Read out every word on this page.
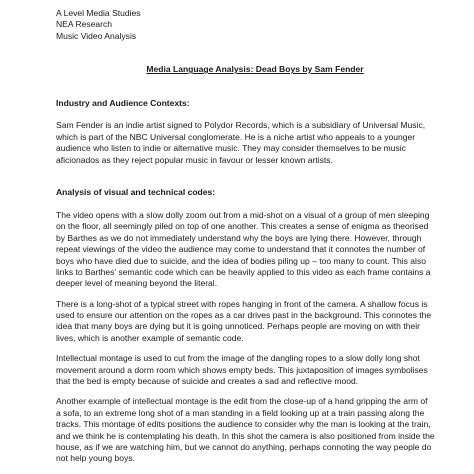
A Level Media Studies
NEA Research
Music Video Analysis
Media Language Analysis: Dead Boys by Sam Fender
Industry and Audience Contexts:

Sam Fender is an indie artist signed to Polydor Records, which is a subsidiary of Universal Music,
which is part of the NBC Universal conglomerate. He is a niche artist who appeals to a younger
audience who listen to indie or alternative music. They may consider themselves to be music
aficionados as they reject popular music in favour or lesser known artists.

Analysis of visual and technical codes:

The video opens with a slow dolly zoom out from a mid-shot on a visual of a group of men sleeping
on the floor, all seemingly piled on top of one another. This creates a sense of enigma as theorised
by Barthes as we do not immediately understand why the boys are lying there. However, through
repeat viewings of the video the audience may come to understand that it connotes the number of
boys who have died due to suicide, and the idea of bodies piling up – too many to count. This also
links to Barthes’ semantic code which can be heavily applied to this video as each frame contains a
deeper level of meaning beyond the literal.

There is a long-shot of a typical street with ropes hanging in front of the camera. A shallow focus is
used to ensure our attention on the ropes as a car drives past in the background. This connotes the
idea that many boys are dying but it is going unnoticed. Perhaps people are moving on with their
lives, which is another example of semantic code.

Intellectual montage is used to cut from the image of the dangling ropes to a slow dolly long shot
movement around a dorm room which shows empty beds. This juxtaposition of images symbolises
that the bed is empty because of suicide and creates a sad and reflective mood.

Another example of intellectual montage is the edit from the close-up of a hand gripping the arm of
a sofa, to an extreme long shot of a man standing in a field looking up at a train passing along the
tracks. This montage of edits positions the audience to consider why the man is looking at the train,
and we think he is contemplating his death. In this shot the camera is also positioned from inside the
house, as if we are watching him, but we cannot do anything, perhaps connoting the way people do
not help young boys.
